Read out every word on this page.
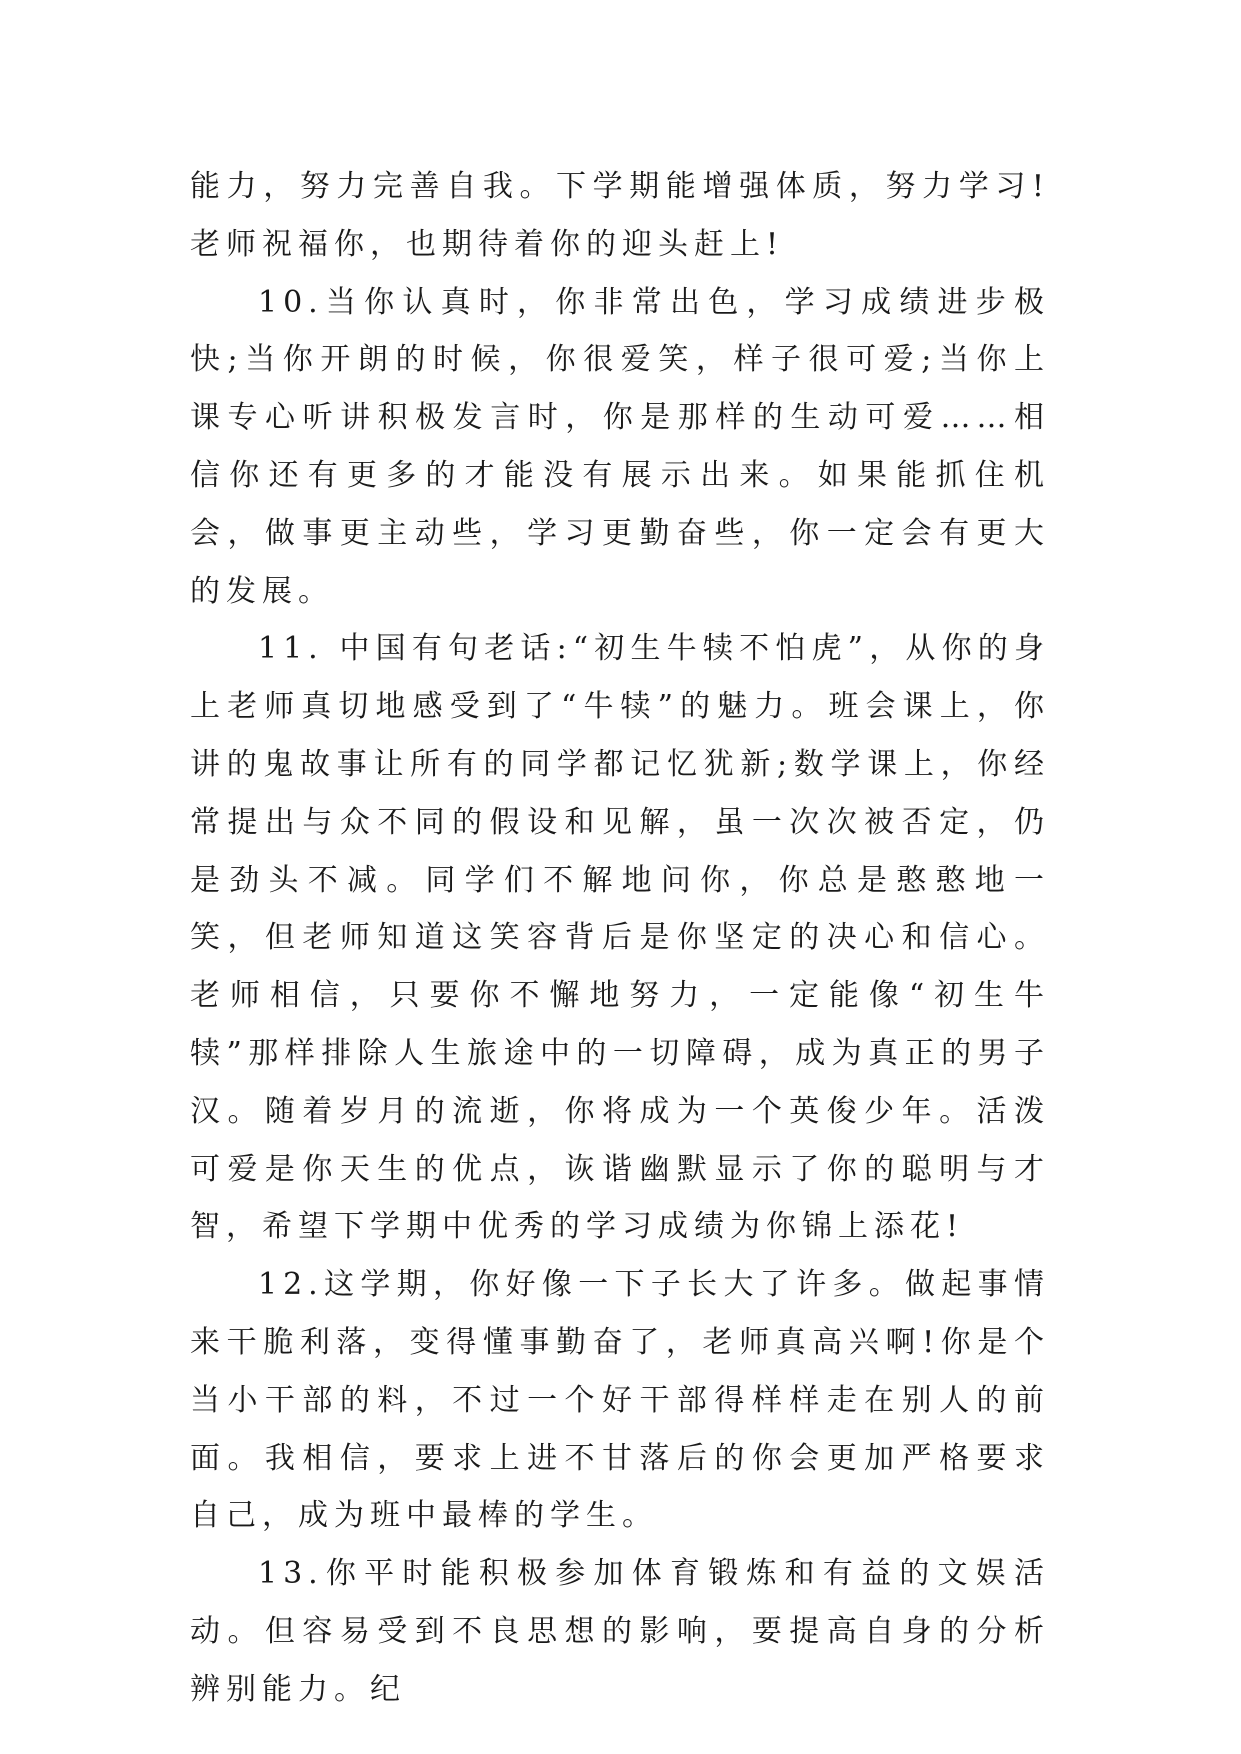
能力，努力完善自我。下学期能增强体质，努力学习!老师祝福你，也期待着你的迎头赶上!

10.当你认真时，你非常出色，学习成绩进步极快;当你开朗的时候，你很爱笑，样子很可爱;当你上课专心听讲积极发言时，你是那样的生动可爱……相信你还有更多的才能没有展示出来。如果能抓住机会，做事更主动些，学习更勤奋些，你一定会有更大的发展。

11. 中国有句老话:“初生牛犊不怕虎”，从你的身上老师真切地感受到了“牛犊”的魅力。班会课上，你讲的鬼故事让所有的同学都记忆犹新;数学课上，你经常提出与众不同的假设和见解，虽一次次被否定，仍是劲头不减。同学们不解地问你，你总是憨憨地一笑，但老师知道这笑容背后是你坚定的决心和信心。老师相信，只要你不懈地努力，一定能像“初生牛犊”那样排除人生旅途中的一切障碍，成为真正的男子汉。随着岁月的流逝，你将成为一个英俊少年。活泼可爱是你天生的优点，诙谐幽默显示了你的聪明与才智，希望下学期中优秀的学习成绩为你锦上添花!

12.这学期，你好像一下子长大了许多。做起事情来干脆利落，变得懂事勤奋了，老师真高兴啊!你是个当小干部的料，不过一个好干部得样样走在别人的前面。我相信，要求上进不甘落后的你会更加严格要求自己，成为班中最棒的学生。

13.你平时能积极参加体育锻炼和有益的文娱活动。但容易受到不良思想的影响，要提高自身的分析辨别能力。纪
